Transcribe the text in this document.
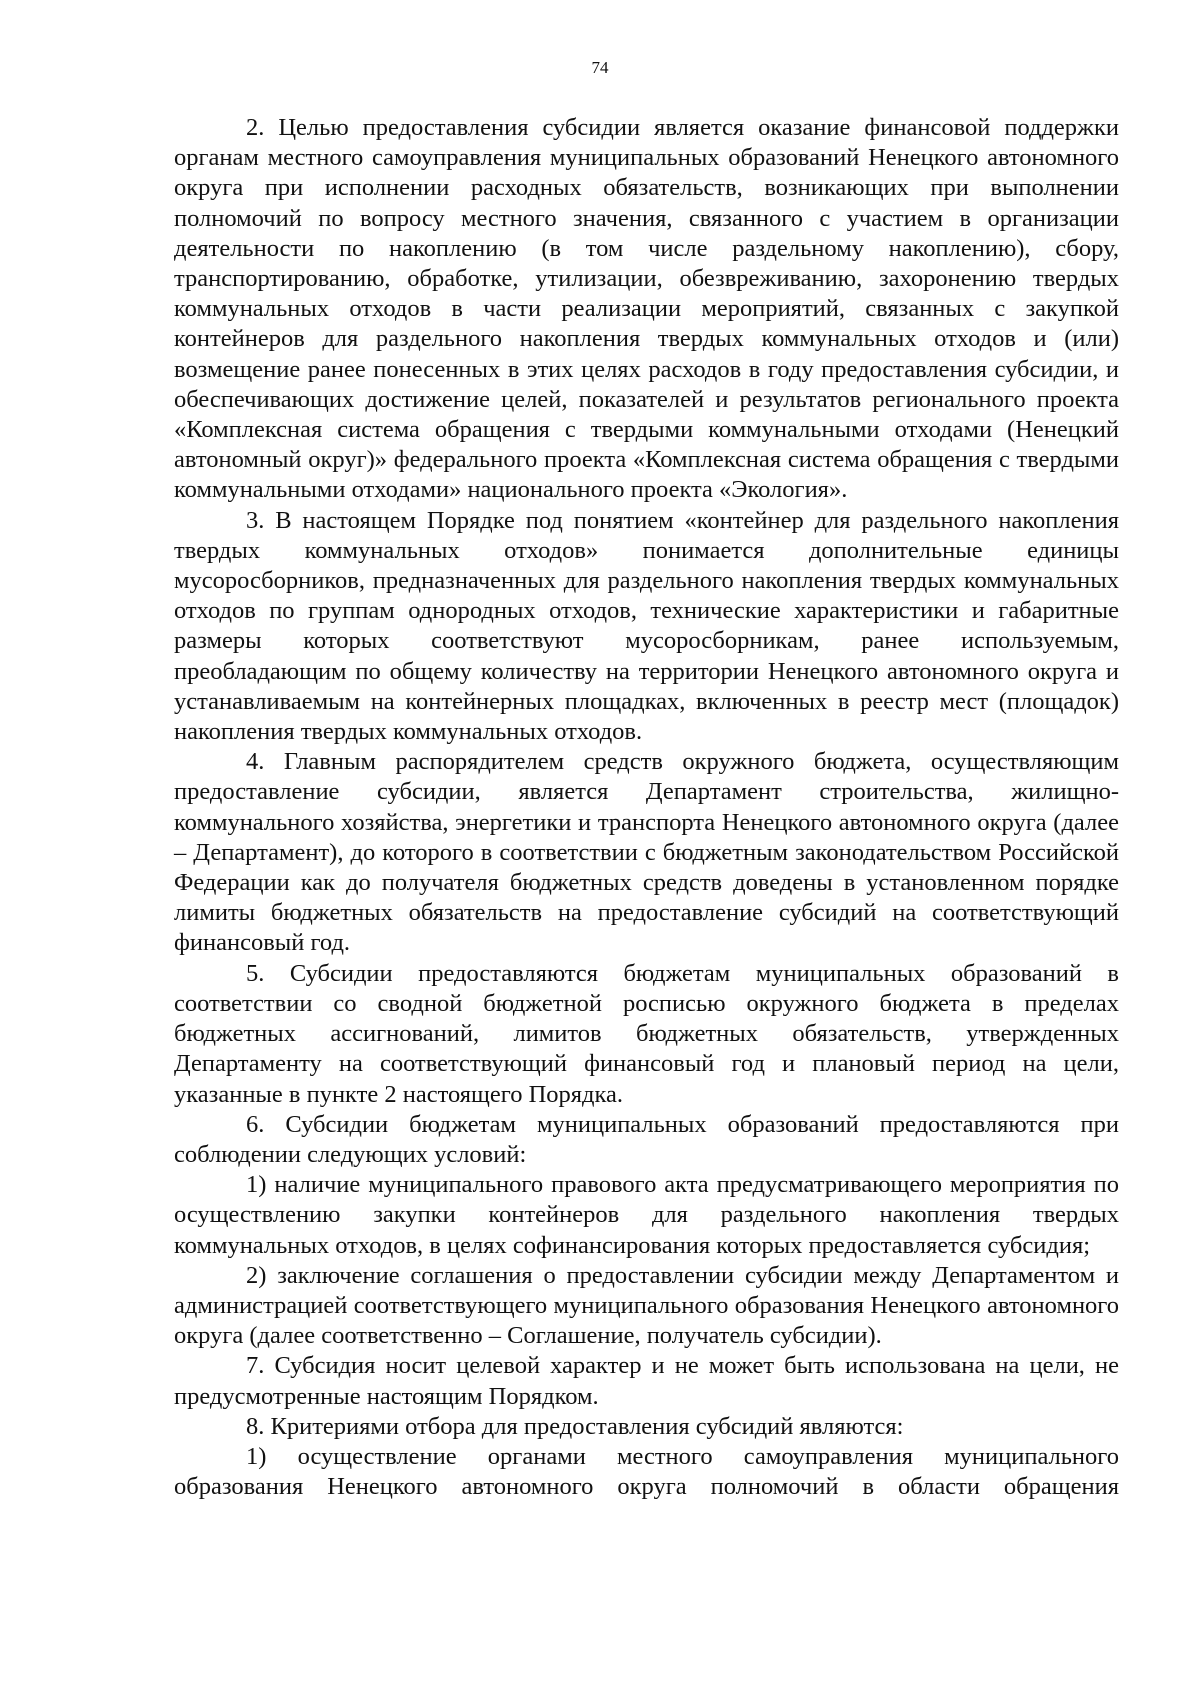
74

2. Целью предоставления субсидии является оказание финансовой поддержки органам местного самоуправления муниципальных образований Ненецкого автономного округа при исполнении расходных обязательств, возникающих при выполнении полномочий по вопросу местного значения, связанного с участием в организации деятельности по накоплению (в том числе раздельному накоплению), сбору, транспортированию, обработке, утилизации, обезвреживанию, захоронению твердых коммунальных отходов в части реализации мероприятий, связанных с закупкой контейнеров для раздельного накопления твердых коммунальных отходов и (или) возмещение ранее понесенных в этих целях расходов в году предоставления субсидии, и обеспечивающих достижение целей, показателей и результатов регионального проекта «Комплексная система обращения с твердыми коммунальными отходами (Ненецкий автономный округ)» федерального проекта «Комплексная система обращения с твердыми коммунальными отходами» национального проекта «Экология».

3. В настоящем Порядке под понятием «контейнер для раздельного накопления твердых коммунальных отходов» понимается дополнительные единицы мусоросборников, предназначенных для раздельного накопления твердых коммунальных отходов по группам однородных отходов, технические характеристики и габаритные размеры которых соответствуют мусоросборникам, ранее используемым, преобладающим по общему количеству на территории Ненецкого автономного округа и устанавливаемым на контейнерных площадках, включенных в реестр мест (площадок) накопления твердых коммунальных отходов.

4. Главным распорядителем средств окружного бюджета, осуществляющим предоставление субсидии, является Департамент строительства, жилищно-коммунального хозяйства, энергетики и транспорта Ненецкого автономного округа (далее – Департамент), до которого в соответствии с бюджетным законодательством Российской Федерации как до получателя бюджетных средств доведены в установленном порядке лимиты бюджетных обязательств на предоставление субсидий на соответствующий финансовый год.

5. Субсидии предоставляются бюджетам муниципальных образований в соответствии со сводной бюджетной росписью окружного бюджета в пределах бюджетных ассигнований, лимитов бюджетных обязательств, утвержденных Департаменту на соответствующий финансовый год и плановый период на цели, указанные в пункте 2 настоящего Порядка.

6. Субсидии бюджетам муниципальных образований предоставляются при соблюдении следующих условий:

1) наличие муниципального правового акта предусматривающего мероприятия по осуществлению закупки контейнеров для раздельного накопления твердых коммунальных отходов, в целях софинансирования которых предоставляется субсидия;

2) заключение соглашения о предоставлении субсидии между Департаментом и администрацией соответствующего муниципального образования Ненецкого автономного округа (далее соответственно – Соглашение, получатель субсидии).

7. Субсидия носит целевой характер и не может быть использована на цели, не предусмотренные настоящим Порядком.

8. Критериями отбора для предоставления субсидий являются:

1) осуществление органами местного самоуправления муниципального образования Ненецкого автономного округа полномочий в области обращения
